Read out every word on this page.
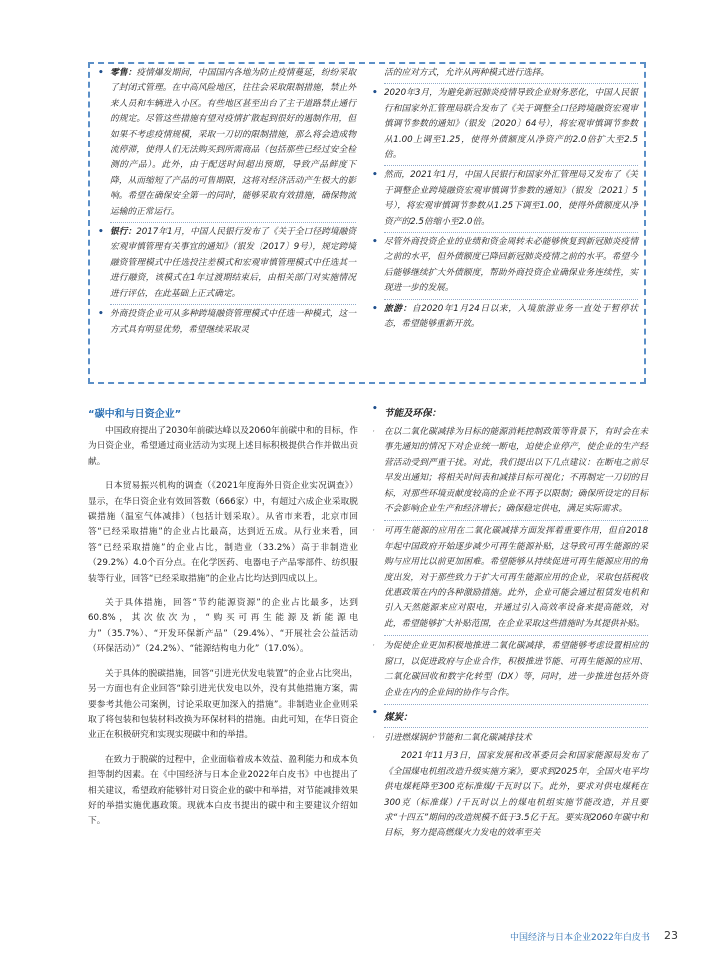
• 零售：疫情爆发期间，中国国内各地为防止疫情蔓延，纷纷采取了封闭式管理。在中高风险地区，往往会采取限制措施，禁止外来人员和车辆进入小区。有些地区甚至出台了主干道路禁止通行的规定。尽管这些措施有望对疫情扩散起到很好的遏制作用，但如果不考虑疫情规模，采取一刀切的限制措施，那么将会造成物流停滞，使得人们无法购买到所需商品（包括那些已经过安全检测的产品）。此外，由于配送时间超出预期，导致产品鲜度下降，从而缩短了产品的可售期限，这将对经济活动产生极大的影响。希望在确保安全第一的同时，能够采取有效措施，确保物流运输的正常运行。

• 银行：2017年1月，中国人民银行发布了《关于全口径跨境融资宏观审慎管理有关事宜的通知》（银发〔2017〕9号），规定跨境融资管理模式中任选投注差模式和宏观审慎管理模式中任选其一进行融资，该模式在1年过渡期结束后，由相关部门对实施情况进行评估，在此基础上正式确定。

• 外商投资企业可从多种跨境融资管理模式中任选一种模式，这一方式具有明显优势，希望继续采取灵

活的应对方式，允许从两种模式进行选择。

• 2020年3月，为避免新冠肺炎疫情导致企业财务恶化，中国人民银行和国家外汇管理局联合发布了《关于调整全口径跨境融资宏观审慎调节参数的通知》（银发〔2020〕64号），将宏观审慎调节参数从1.00上调至1.25，使得外债额度从净资产的2.0倍扩大至2.5倍。

• 然而，2021年1月，中国人民银行和国家外汇管理局又发布了《关于调整企业跨境融资宏观审慎调节参数的通知》（银发〔2021〕5号），将宏观审慎调节参数从1.25下调至1.00，使得外债额度从净资产的2.5倍缩小至2.0倍。

• 尽管外商投资企业的业绩和资金周转未必能够恢复到新冠肺炎疫情之前的水平，但外债额度已降回新冠肺炎疫情之前的水平。希望今后能够继续扩大外债额度，帮助外商投资企业确保业务连续性，实现进一步的发展。

• 旅游：自2020年1月24日以来，入境旅游业务一直处于暂停状态，希望能够重新开放。

“碳中和与日资企业”

中国政府提出了2030年前碳达峰以及2060年前碳中和的目标，作为日资企业，希望通过商业活动为实现上述目标积极提供合作并做出贡献。

日本贸易振兴机构的调查（《2021年度海外日资企业实况调查》）显示，在华日资企业有效回答数（666家）中，有超过六成企业采取脱碳措施（温室气体减排）（包括计划采取）。从省市来看，北京市回答“已经采取措施”的企业占比最高，达到近五成。从行业来看，回答“已经采取措施”的企业占比，制造业（33.2%）高于非制造业（29.2%）4.0个百分点。在化学医药、电器电子产品零部件、纺织服装等行业，回答“已经采取措施”的企业占比均达到四成以上。

关于具体措施，回答“节约能源资源”的企业占比最多，达到60.8%，其次依次为，“购买可再生能源及新能源电力”（35.7%）、“开发环保新产品”（29.4%）、“开展社会公益活动（环保活动）”（24.2%）、“能源结构电力化”（17.0%）。

关于具体的脱碳措施，回答“引进光伏发电装置”的企业占比突出，另一方面也有企业回答“除引进光伏发电以外，没有其他措施方案，需要参考其他公司案例，讨论采取更加深入的措施”。非制造业企业则采取了将包装和包装材料改换为环保材料的措施。由此可知，在华日资企业正在积极研究和实现实现碳中和的举措。

在致力于脱碳的过程中，企业面临着成本效益、盈利能力和成本负担等制约因素。在《中国经济与日本企业2022年白皮书》中也提出了相关建议，希望政府能够针对日资企业的碳中和举措，对节能减排效果好的举措实施优惠政策。现就本白皮书提出的碳中和主要建议介绍如下。

• 节能及环保：

· 在以二氧化碳减排为目标的能源消耗控制政策等背景下，有时会在未事先通知的情况下对企业统一断电，迫使企业停产，使企业的生产经营活动受到严重干扰。对此，我们提出以下几点建议：在断电之前尽早发出通知；将相关时间表和减排目标可视化；不再制定一刀切的目标，对那些环境贡献度较高的企业不再予以限制；确保所设定的目标不会影响企业生产和经济增长；确保稳定供电，满足实际需求。

· 可再生能源的应用在二氧化碳减排方面发挥着重要作用，但自2018年起中国政府开始逐步减少可再生能源补贴，这导致可再生能源的采购与应用比以前更加困难。希望能够从持续促进可再生能源应用的角度出发，对于那些致力于扩大可再生能源应用的企业，采取包括税收优惠政策在内的各种激励措施。此外，企业可能会通过租赁发电机和引入天然能源来应对限电，并通过引入高效率设备来提高能效，对此，希望能够扩大补贴范围，在企业采取这些措施时为其提供补贴。

· 为促使企业更加积极地推进二氧化碳减排，希望能够考虑设置相应的窗口，以促进政府与企业合作，积极推进节能、可再生能源的应用、二氧化碳回收和数字化转型（DX）等，同时，进一步推进包括外资企业在内的企业间的协作与合作。

• 煤炭：

· 引进燃煤锅炉节能和二氧化碳减排技术

2021年11月3日，国家发展和改革委员会和国家能源局发布了《全国煤电机组改造升级实施方案》，要求到2025年，全国火电平均供电煤耗降至300克标准煤/千瓦时以下。此外，要求对供电煤耗在300克（标准煤）/千瓦时以上的煤电机组实施节能改造，并且要求“十四五”期间的改造规模不低于3.5亿千瓦。要实现2060年碳中和目标，努力提高燃煤火力发电的效率至关

中国经济与日本企业2022年白皮书 23
